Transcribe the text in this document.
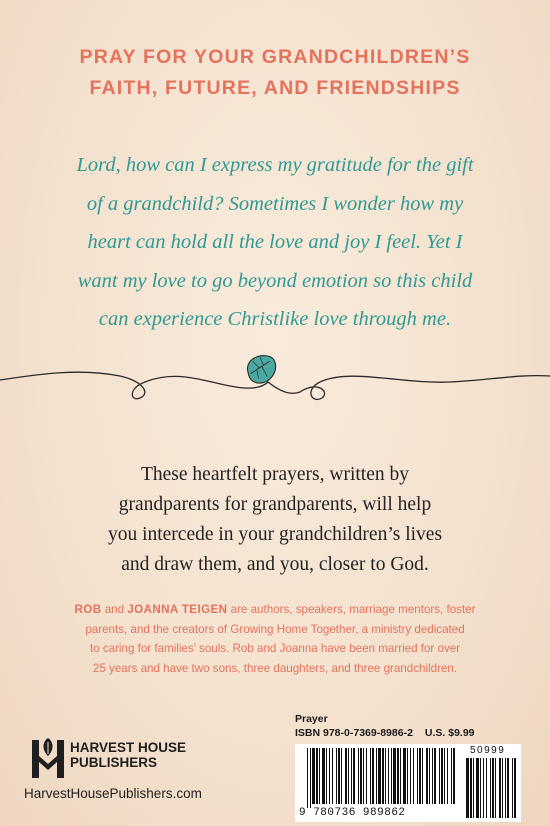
PRAY FOR YOUR GRANDCHILDREN’S
FAITH, FUTURE, AND FRIENDSHIPS
Lord, how can I express my gratitude for the gift
of a grandchild? Sometimes I wonder how my
heart can hold all the love and joy I feel. Yet I
want my love to go beyond emotion so this child
can experience Christlike love through me.
These heartfelt prayers, written by
grandparents for grandparents, will help
you intercede in your grandchildren’s lives
and draw them, and you, closer to God.
ROB and JOANNA TEIGEN are authors, speakers, marriage mentors, foster
parents, and the creators of Growing Home Together, a ministry dedicated
to caring for families’ souls. Rob and Joanna have been married for over
25 years and have two sons, three daughters, and three grandchildren.
HARVEST HOUSE
PUBLISHERS
HarvestHousePublishers.com
Prayer
ISBN 978-0-7369-8986-2 U.S. $9.99
50999
9 780736 989862
